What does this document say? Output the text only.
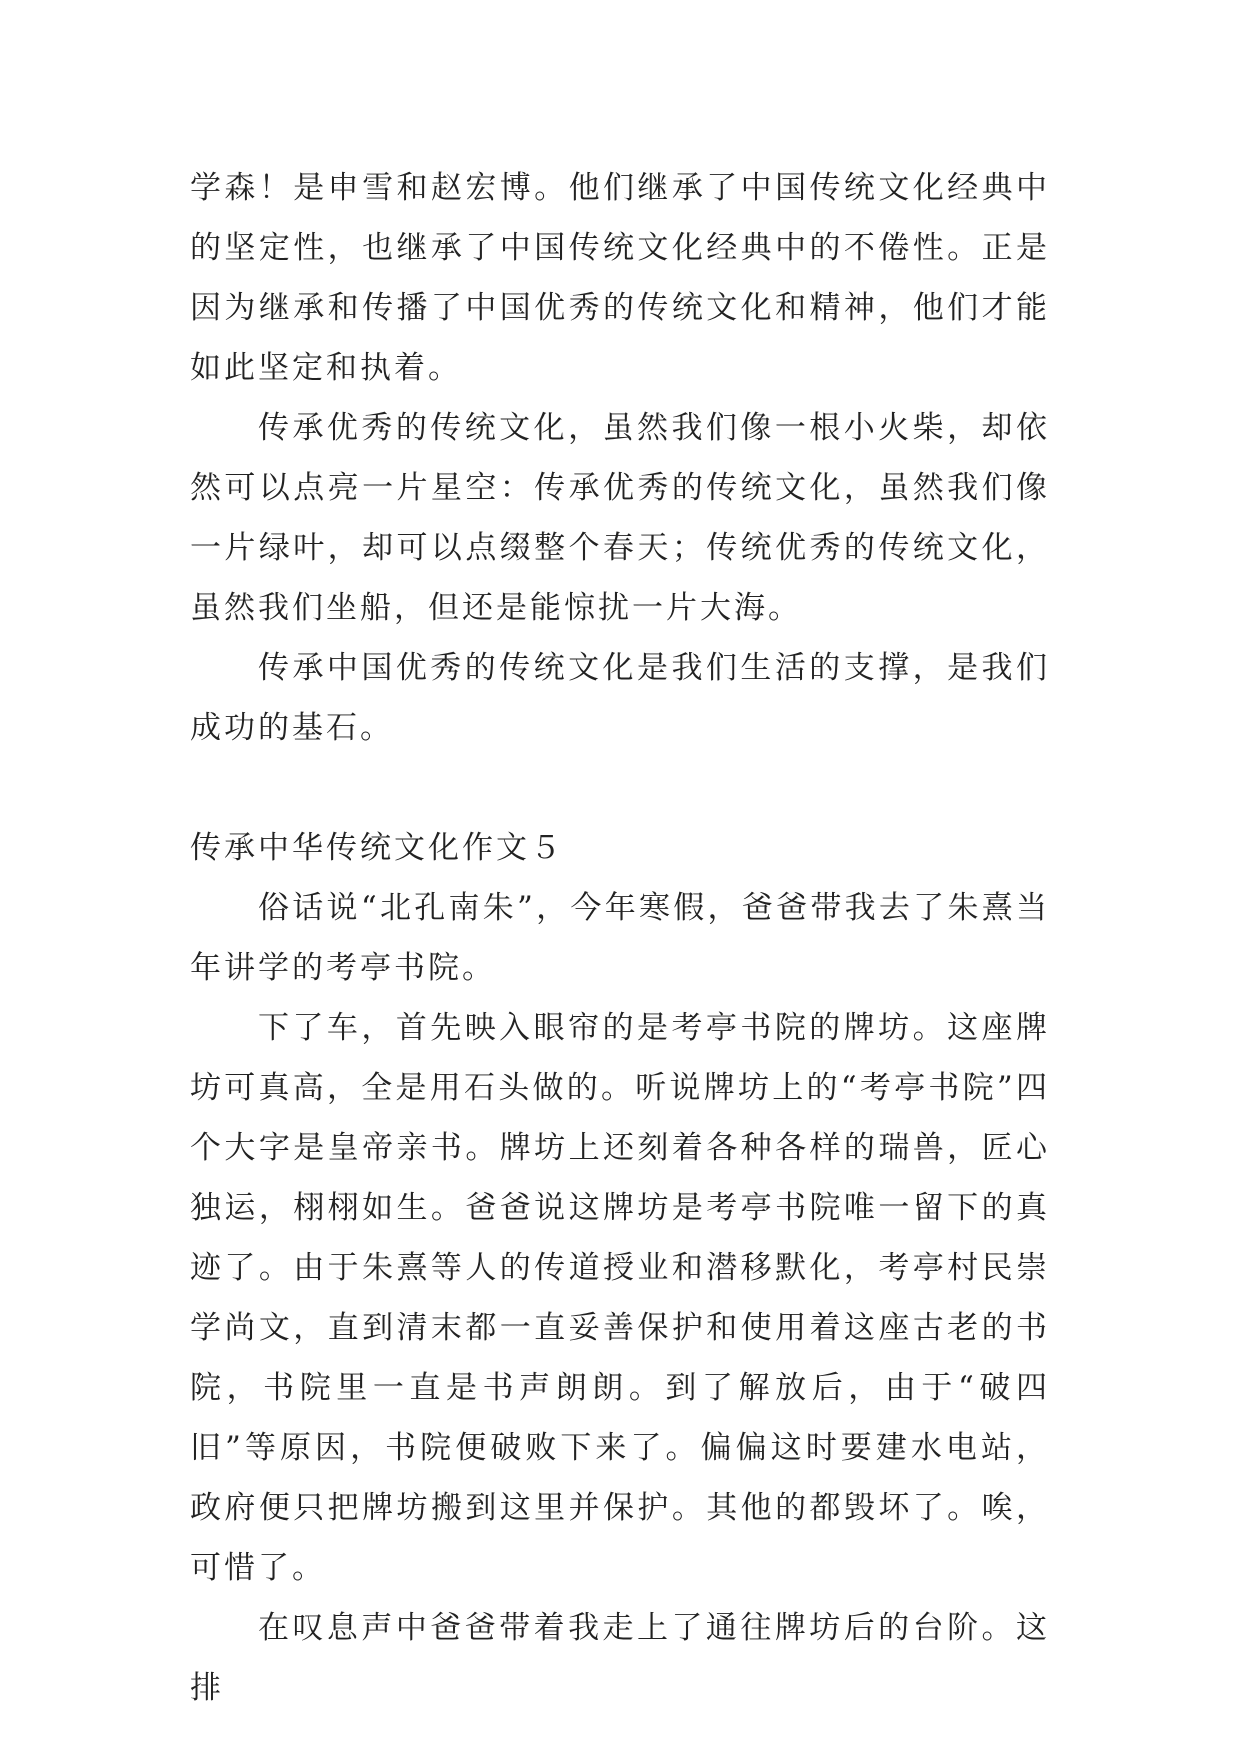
学森！是申雪和赵宏博。他们继承了中国传统文化经典中的坚定性，也继承了中国传统文化经典中的不倦性。正是因为继承和传播了中国优秀的传统文化和精神，他们才能如此坚定和执着。

传承优秀的传统文化，虽然我们像一根小火柴，却依然可以点亮一片星空：传承优秀的传统文化，虽然我们像一片绿叶，却可以点缀整个春天；传统优秀的传统文化，虽然我们坐船，但还是能惊扰一片大海。

传承中国优秀的传统文化是我们生活的支撑，是我们成功的基石。

传承中华传统文化作文５

俗话说“北孔南朱”，今年寒假，爸爸带我去了朱熹当年讲学的考亭书院。

下了车，首先映入眼帘的是考亭书院的牌坊。这座牌坊可真高，全是用石头做的。听说牌坊上的“考亭书院”四个大字是皇帝亲书。牌坊上还刻着各种各样的瑞兽，匠心独运，栩栩如生。爸爸说这牌坊是考亭书院唯一留下的真迹了。由于朱熹等人的传道授业和潜移默化，考亭村民崇学尚文，直到清末都一直妥善保护和使用着这座古老的书院，书院里一直是书声朗朗。到了解放后，由于“破四旧”等原因，书院便破败下来了。偏偏这时要建水电站，政府便只把牌坊搬到这里并保护。其他的都毁坏了。唉，可惜了。

在叹息声中爸爸带着我走上了通往牌坊后的台阶。这排
